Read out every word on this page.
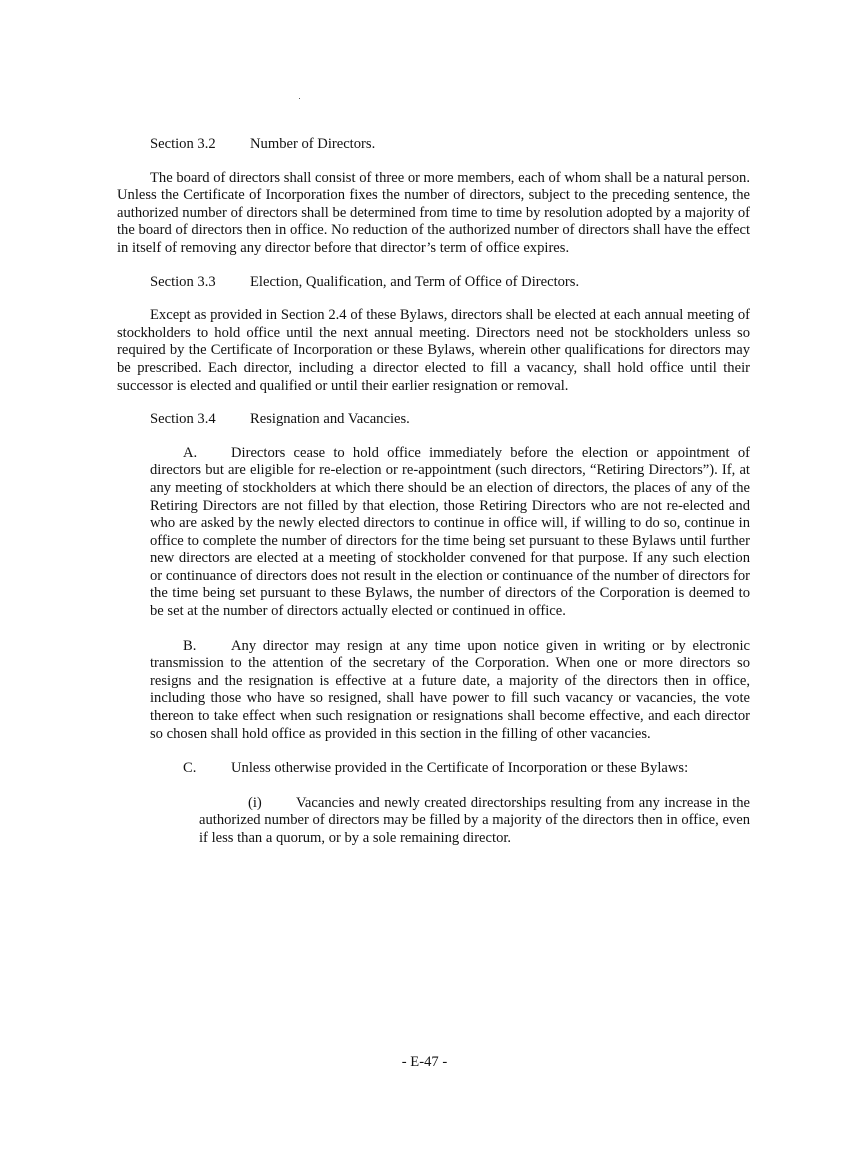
Section 3.2 Number of Directors.

The board of directors shall consist of three or more members, each of whom shall be a natural person. Unless the Certificate of Incorporation fixes the number of directors, subject to the preceding sentence, the authorized number of directors shall be determined from time to time by resolution adopted by a majority of the board of directors then in office. No reduction of the authorized number of directors shall have the effect in itself of removing any director before that director’s term of office expires.

Section 3.3 Election, Qualification, and Term of Office of Directors.

Except as provided in Section 2.4 of these Bylaws, directors shall be elected at each annual meeting of stockholders to hold office until the next annual meeting. Directors need not be stockholders unless so required by the Certificate of Incorporation or these Bylaws, wherein other qualifications for directors may be prescribed. Each director, including a director elected to fill a vacancy, shall hold office until their successor is elected and qualified or until their earlier resignation or removal.

Section 3.4 Resignation and Vacancies.

A. Directors cease to hold office immediately before the election or appointment of directors but are eligible for re-election or re-appointment (such directors, “Retiring Directors”). If, at any meeting of stockholders at which there should be an election of directors, the places of any of the Retiring Directors are not filled by that election, those Retiring Directors who are not re-elected and who are asked by the newly elected directors to continue in office will, if willing to do so, continue in office to complete the number of directors for the time being set pursuant to these Bylaws until further new directors are elected at a meeting of stockholder convened for that purpose. If any such election or continuance of directors does not result in the election or continuance of the number of directors for the time being set pursuant to these Bylaws, the number of directors of the Corporation is deemed to be set at the number of directors actually elected or continued in office.

B. Any director may resign at any time upon notice given in writing or by electronic transmission to the attention of the secretary of the Corporation. When one or more directors so resigns and the resignation is effective at a future date, a majority of the directors then in office, including those who have so resigned, shall have power to fill such vacancy or vacancies, the vote thereon to take effect when such resignation or resignations shall become effective, and each director so chosen shall hold office as provided in this section in the filling of other vacancies.

C. Unless otherwise provided in the Certificate of Incorporation or these Bylaws:

(i) Vacancies and newly created directorships resulting from any increase in the authorized number of directors may be filled by a majority of the directors then in office, even if less than a quorum, or by a sole remaining director.

- E-47 -
